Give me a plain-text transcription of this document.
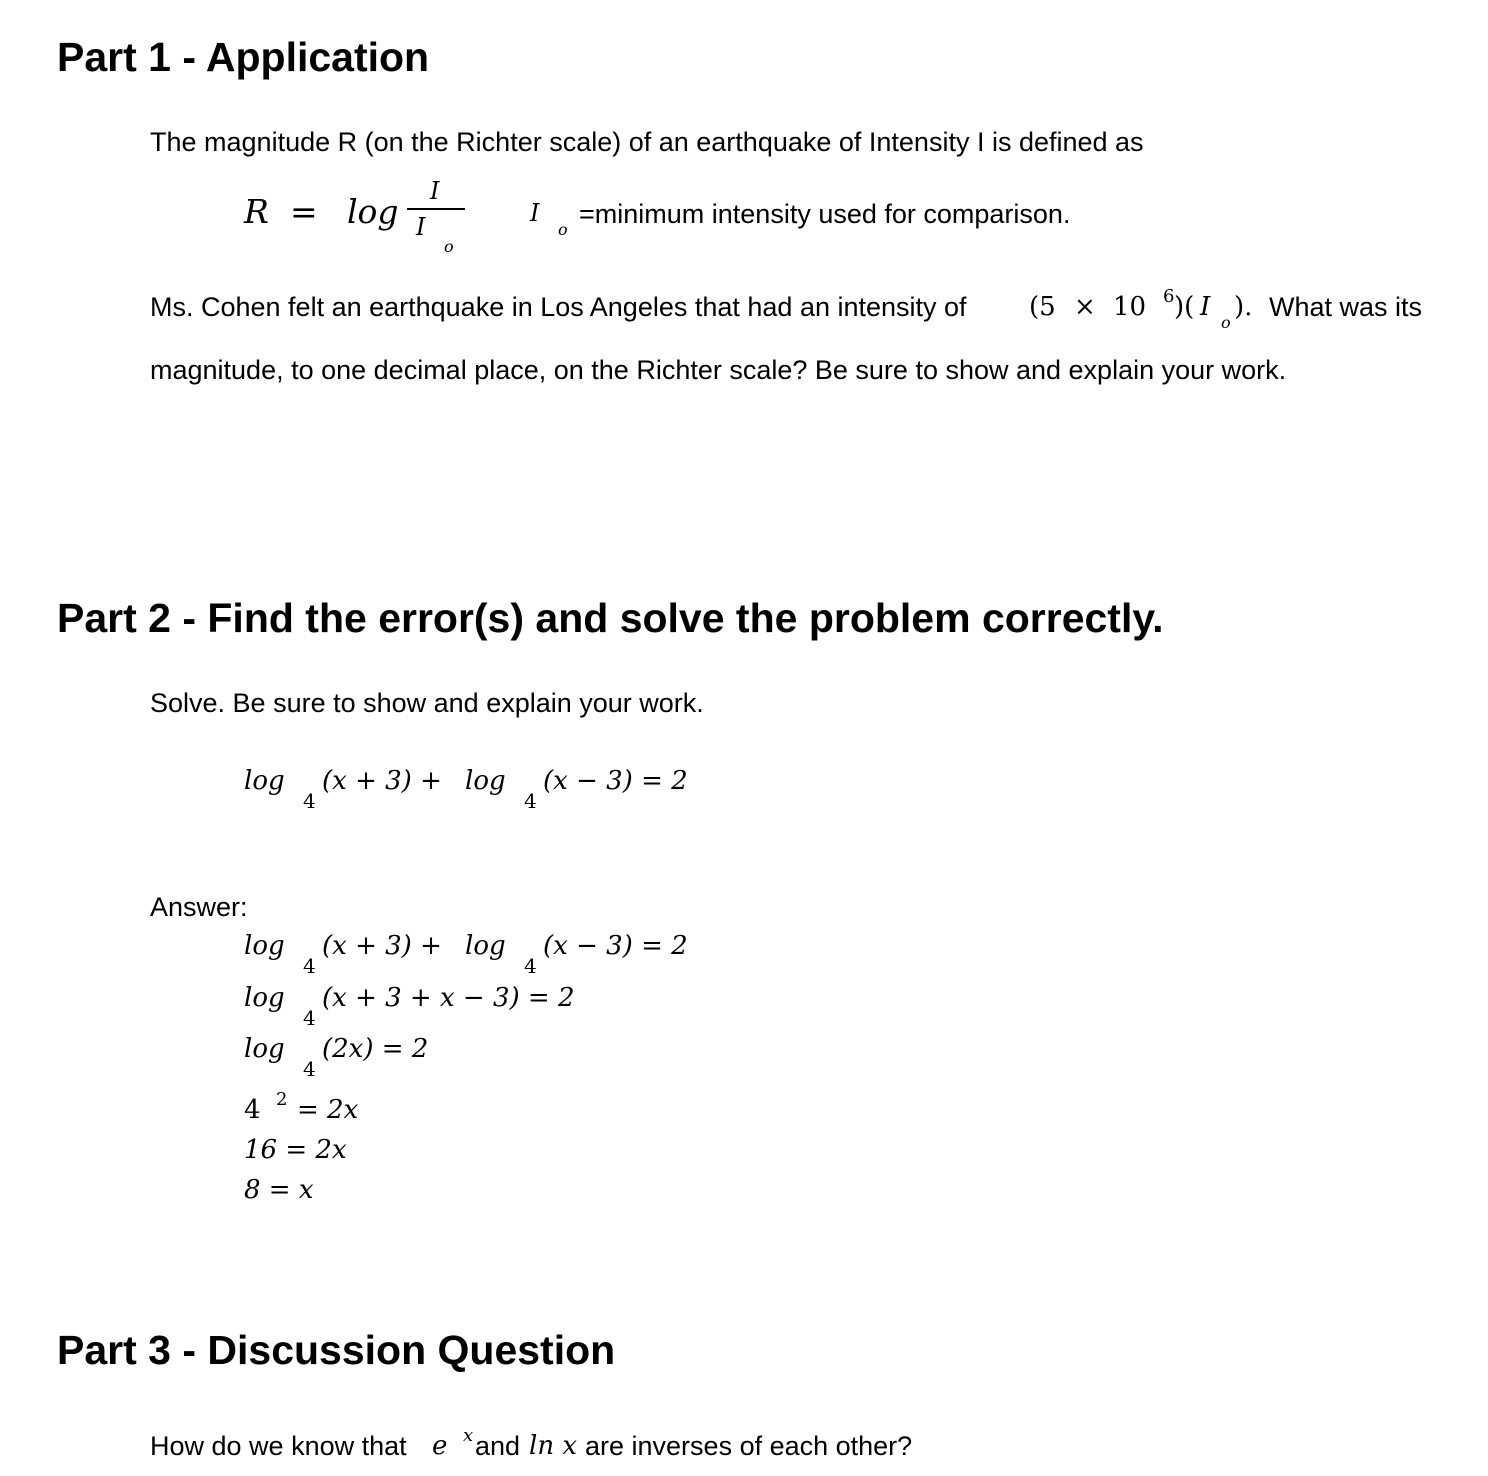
Part 1 - Application
The magnitude R (on the Richter scale) of an earthquake of Intensity I is defined as
R = log
I
I
o
I
o
=minimum intensity used for comparison.
Ms. Cohen felt an earthquake in Los Angeles that had an intensity of (5 × 10 6 )( I
o
). What was its
magnitude, to one decimal place, on the Richter scale? Be sure to show and explain your work.
Part 2 - Find the error(s) and solve the problem correctly.
Solve. Be sure to show and explain your work.
log
4
(x + 3) + log
4
(x − 3) = 2
Answer:
log
4
(x + 3) + log
4
(x − 3) = 2
log
4
(x + 3 + x − 3) = 2
log
4
(2x) = 2
4 2 = 2x
16 = 2x
8 = x
Part 3 - Discussion Question
How do we know that e x and ln x are inverses of each other?
